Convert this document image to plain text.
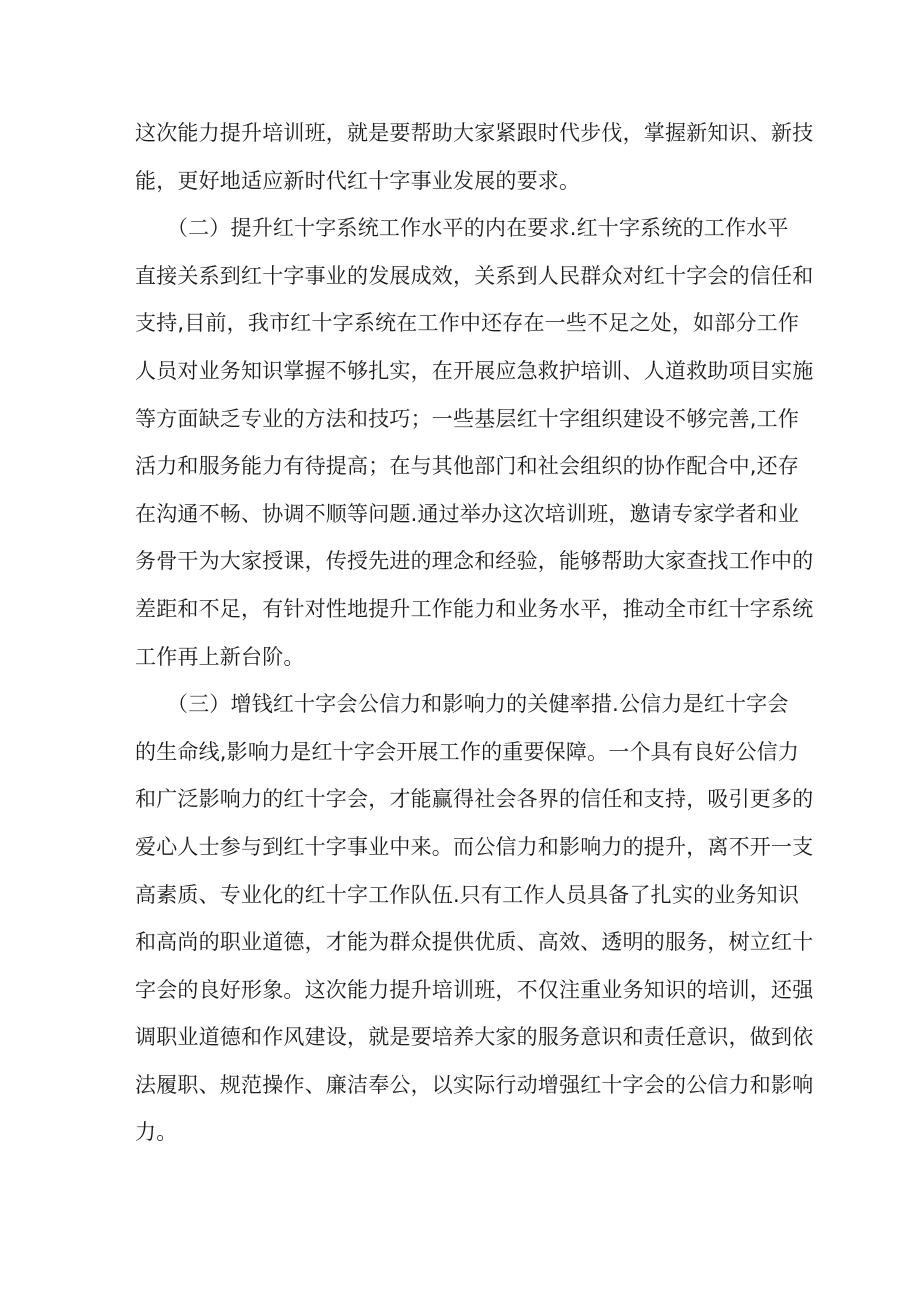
这次能力提升培训班，就是要帮助大家紧跟时代步伐，掌握新知识、新技
能，更好地适应新时代红十字事业发展的要求。
　　（二）提升红十字系统工作水平的内在要求.红十字系统的工作水平
直接关系到红十字事业的发展成效，关系到人民群众对红十字会的信任和
支持,目前，我市红十字系统在工作中还存在一些不足之处，如部分工作
人员对业务知识掌握不够扎实，在开展应急救护培训、人道救助项目实施
等方面缺乏专业的方法和技巧；一些基层红十字组织建设不够完善,工作
活力和服务能力有待提高；在与其他部门和社会组织的协作配合中,还存
在沟通不畅、协调不顺等问题.通过举办这次培训班，邀请专家学者和业
务骨干为大家授课，传授先进的理念和经验，能够帮助大家查找工作中的
差距和不足，有针对性地提升工作能力和业务水平，推动全市红十字系统
工作再上新台阶。
　　（三）增钱红十字会公信力和影响力的关健率措.公信力是红十字会
的生命线,影响力是红十字会开展工作的重要保障。一个具有良好公信力
和广泛影响力的红十字会，才能赢得社会各界的信任和支持，吸引更多的
爱心人士参与到红十字事业中来。而公信力和影响力的提升，离不开一支
高素质、专业化的红十字工作队伍.只有工作人员具备了扎实的业务知识
和高尚的职业道德，才能为群众提供优质、高效、透明的服务，树立红十
字会的良好形象。这次能力提升培训班，不仅注重业务知识的培训，还强
调职业道德和作风建设，就是要培养大家的服务意识和责任意识，做到依
法履职、规范操作、廉洁奉公，以实际行动增强红十字会的公信力和影响
力。
